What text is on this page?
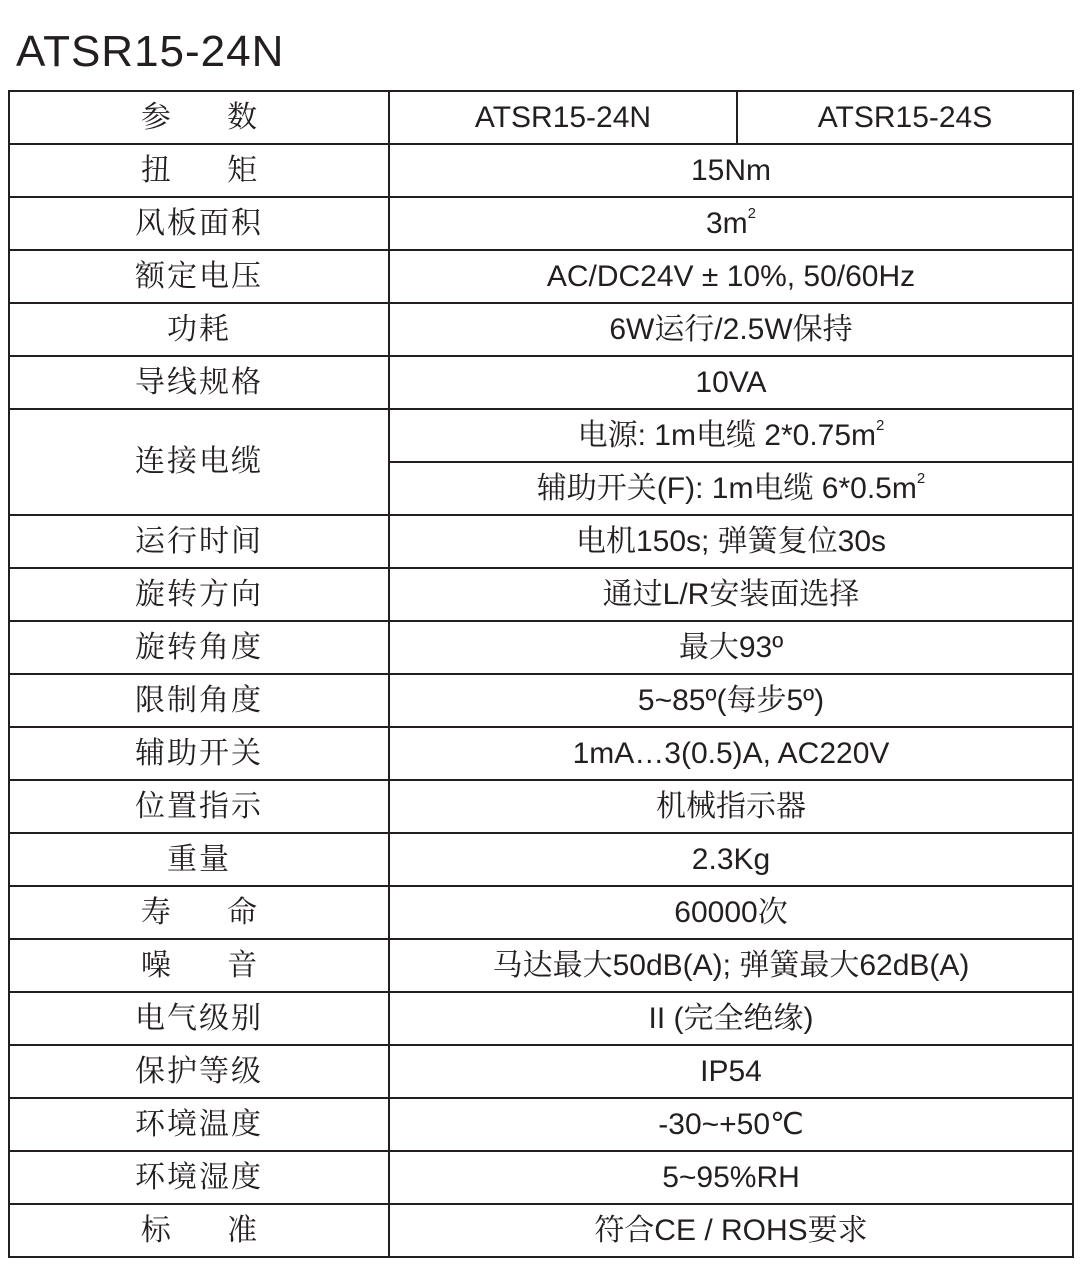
ATSR15-24N
参 数	ATSR15-24N	ATSR15-24S
扭 矩	15Nm	
风板面积	$3m^2$
额定电压	AC/DC24V ± 10%, 50/60Hz	
功耗	6W运行/2.5W保持	
导线规格	10VA	
连接电缆	电源: 1m电缆 $2*0.75m^2$
	辅助开关(F): 1m电缆 $6*0.5m^2$
运行时间	电机150s; 弹簧复位30s	
旋转方向	通过L/R安装面选择	
旋转角度	最大93º	
限制角度	5~85º(每步5º)	
辅助开关	1mA…3(0.5)A, AC220V	
位置指示	机械指示器	
重量	2.3Kg	
寿 命	60000次	
噪 音	马达最大50dB(A); 弹簧最大62dB(A)	
电气级别	II (完全绝缘)	
保护等级	IP54	
环境温度	-30~+50℃	
环境湿度	5~95%RH	
标 准	符合CE / ROHS要求	
